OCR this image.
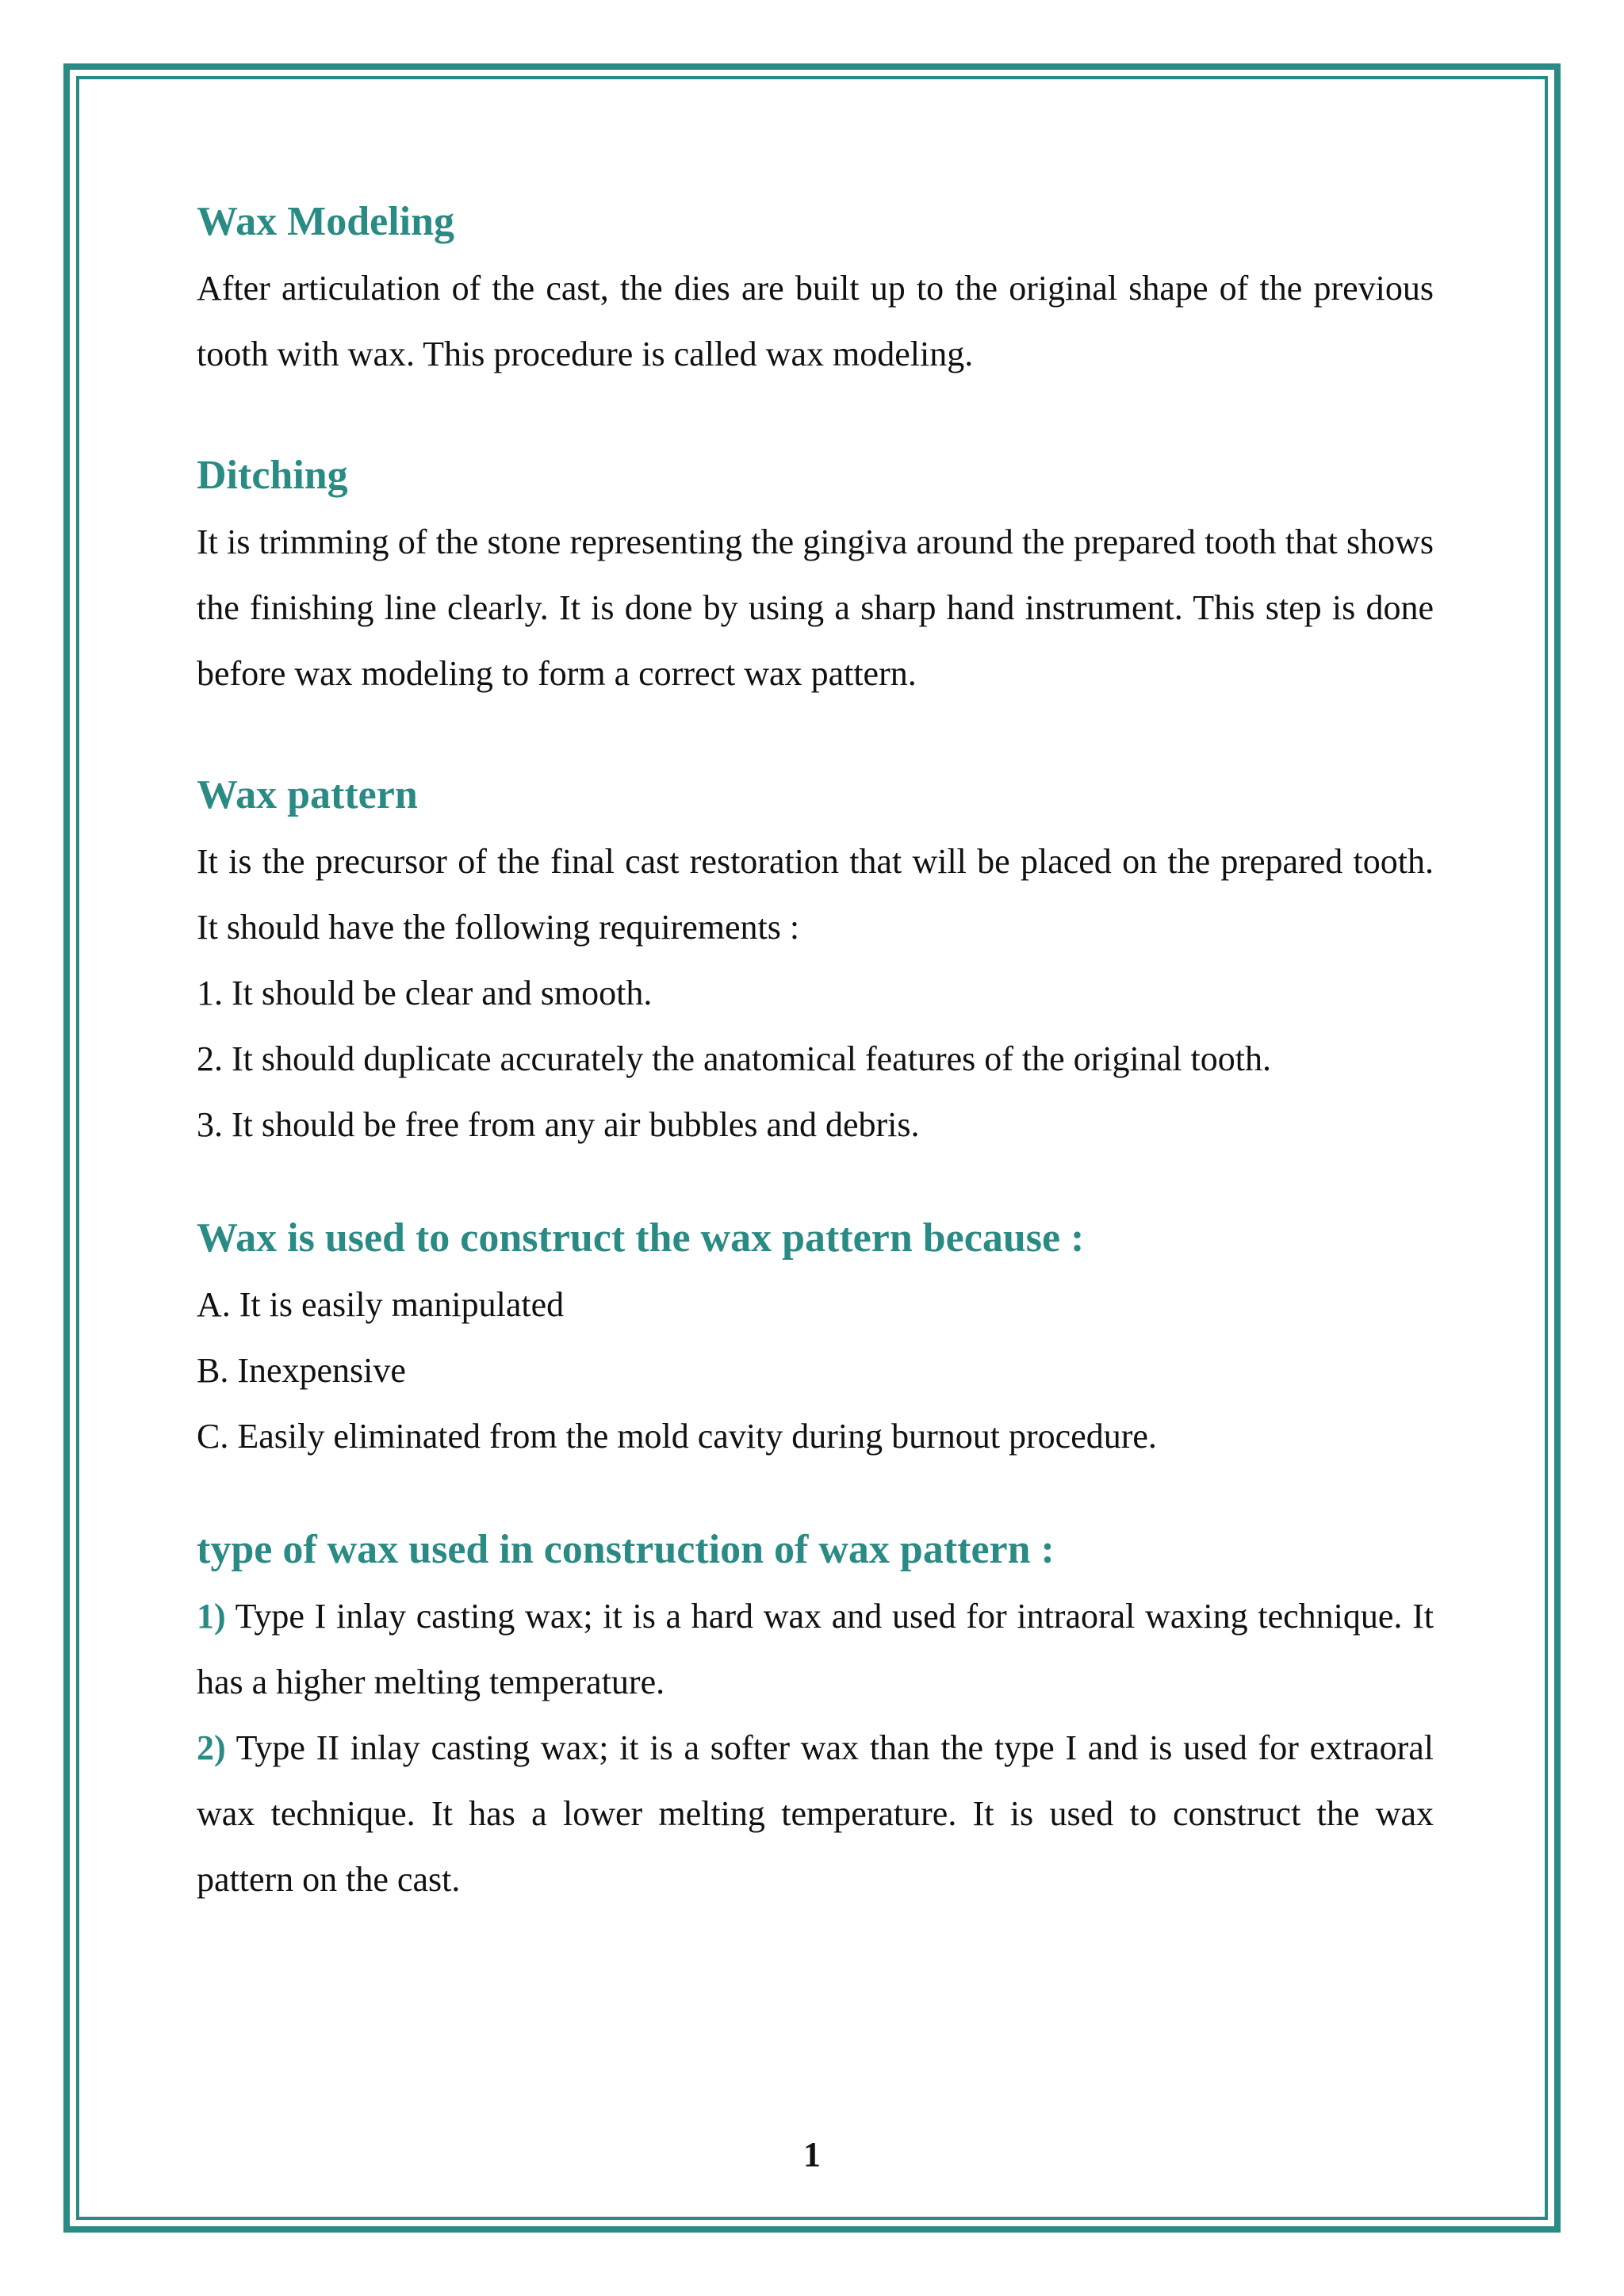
Wax Modeling

After articulation of the cast, the dies are built up to the original shape of the previous tooth with wax. This procedure is called wax modeling.

Ditching

It is trimming of the stone representing the gingiva around the prepared tooth that shows the finishing line clearly. It is done by using a sharp hand instrument. This step is done before wax modeling to form a correct wax pattern.

Wax pattern

It is the precursor of the final cast restoration that will be placed on the prepared tooth. It should have the following requirements :

1. It should be clear and smooth.

2. It should duplicate accurately the anatomical features of the original tooth.

3. It should be free from any air bubbles and debris.

Wax is used to construct the wax pattern because :

A. It is easily manipulated

B. Inexpensive

C. Easily eliminated from the mold cavity during burnout procedure.

type of wax used in construction of wax pattern :

1) Type I inlay casting wax; it is a hard wax and used for intraoral waxing technique. It has a higher melting temperature.

2) Type II inlay casting wax; it is a softer wax than the type I and is used for extraoral wax technique. It has a lower melting temperature. It is used to construct the wax pattern on the cast.

1
